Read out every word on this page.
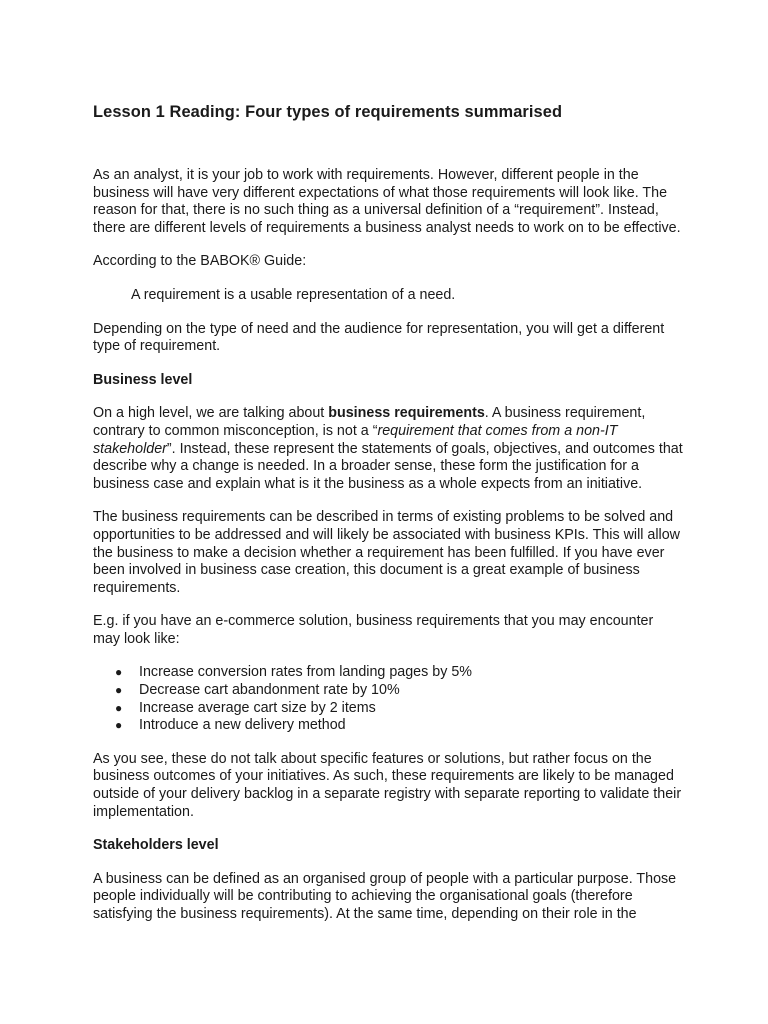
Lesson 1 Reading: Four types of requirements summarised

As an analyst, it is your job to work with requirements. However, different people in the business will have very different expectations of what those requirements will look like. The reason for that, there is no such thing as a universal definition of a “requirement”. Instead, there are different levels of requirements a business analyst needs to work on to be effective.

According to the BABOK® Guide:

A requirement is a usable representation of a need.

Depending on the type of need and the audience for representation, you will get a different type of requirement.

Business level

On a high level, we are talking about business requirements. A business requirement, contrary to common misconception, is not a “requirement that comes from a non-IT stakeholder”. Instead, these represent the statements of goals, objectives, and outcomes that describe why a change is needed. In a broader sense, these form the justification for a business case and explain what is it the business as a whole expects from an initiative.

The business requirements can be described in terms of existing problems to be solved and opportunities to be addressed and will likely be associated with business KPIs. This will allow the business to make a decision whether a requirement has been fulfilled. If you have ever been involved in business case creation, this document is a great example of business requirements.

E.g. if you have an e-commerce solution, business requirements that you may encounter may look like:

● Increase conversion rates from landing pages by 5%
● Decrease cart abandonment rate by 10%
● Increase average cart size by 2 items
● Introduce a new delivery method

As you see, these do not talk about specific features or solutions, but rather focus on the business outcomes of your initiatives. As such, these requirements are likely to be managed outside of your delivery backlog in a separate registry with separate reporting to validate their implementation.

Stakeholders level

A business can be defined as an organised group of people with a particular purpose. Those people individually will be contributing to achieving the organisational goals (therefore satisfying the business requirements). At the same time, depending on their role in the
